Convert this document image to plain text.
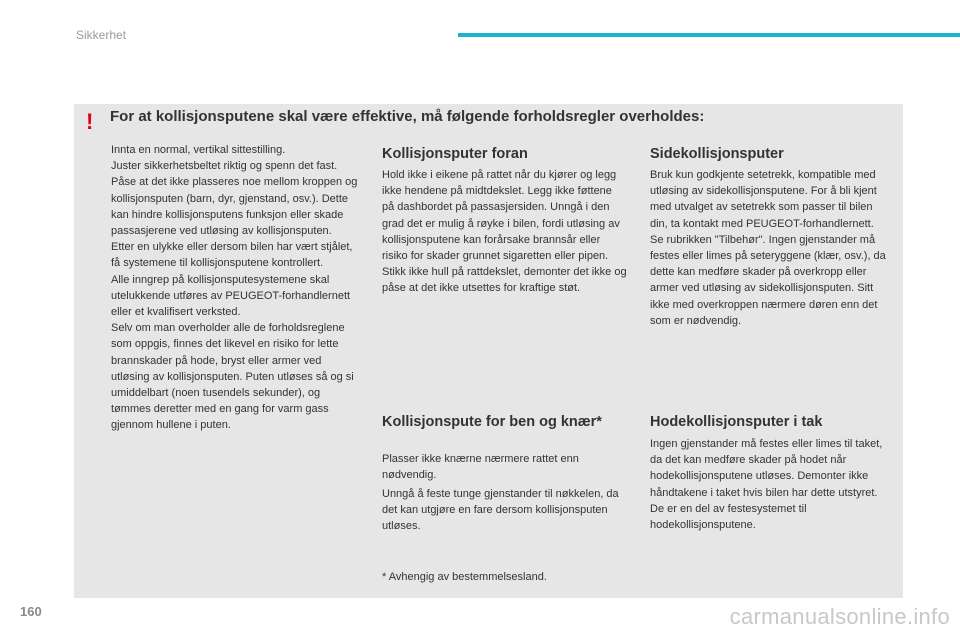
Sikkerhet
! For at kollisjonsputene skal være effektive, må følgende forholdsregler overholdes:

Innta en normal, vertikal sittestilling.

Juster sikkerhetsbeltet riktig og spenn det fast.

Påse at det ikke plasseres noe mellom kroppen og kollisjonsputen (barn, dyr, gjenstand, osv.). Dette kan hindre kollisjonsputens funksjon eller skade passasjerene ved utløsing av kollisjonsputen.

Etter en ulykke eller dersom bilen har vært stjålet, få systemene til kollisjonsputene kontrollert.

Alle inngrep på kollisjonsputesystemene skal utelukkende utføres av PEUGEOT-forhandlernett eller et kvalifisert verksted.

Selv om man overholder alle de forholdsreglene som oppgis, finnes det likevel en risiko for lette brannskader på hode, bryst eller armer ved utløsing av kollisjonsputen. Puten utløses så og si umiddelbart (noen tusendels sekunder), og tømmes deretter med en gang for varm gass gjennom hullene i puten.

Kollisjonsputer foran

Hold ikke i eikene på rattet når du kjører og legg ikke hendene på midtdekslet. Legg ikke føttene på dashbordet på passasjersiden. Unngå i den grad det er mulig å røyke i bilen, fordi utløsing av kollisjonsputene kan forårsake brannsår eller risiko for skader grunnet sigaretten eller pipen. Stikk ikke hull på rattdekslet, demonter det ikke og påse at det ikke utsettes for kraftige støt.

Sidekollisjonsputer

Bruk kun godkjente setetrekk, kompatible med utløsing av sidekollisjonsputene. For å bli kjent med utvalget av setetrekk som passer til bilen din, ta kontakt med PEUGEOT-forhandlernett. Se rubrikken "Tilbehør". Ingen gjenstander må festes eller limes på seteryggene (klær, osv.), da dette kan medføre skader på overkropp eller armer ved utløsing av sidekollisjonsputen. Sitt ikke med overkroppen nærmere døren enn det som er nødvendig.

Kollisjonspute for ben og knær*

Plasser ikke knærne nærmere rattet enn nødvendig.

Unngå å feste tunge gjenstander til nøkkelen, da det kan utgjøre en fare dersom kollisjonsputen utløses.

Hodekollisjonsputer i tak

Ingen gjenstander må festes eller limes til taket, da det kan medføre skader på hodet når hodekollisjonsputene utløses. Demonter ikke håndtakene i taket hvis bilen har dette utstyret. De er en del av festesystemet til hodekollisjonsputene.

* Avhengig av bestemmelsesland.
160	carmanualsonline.info
